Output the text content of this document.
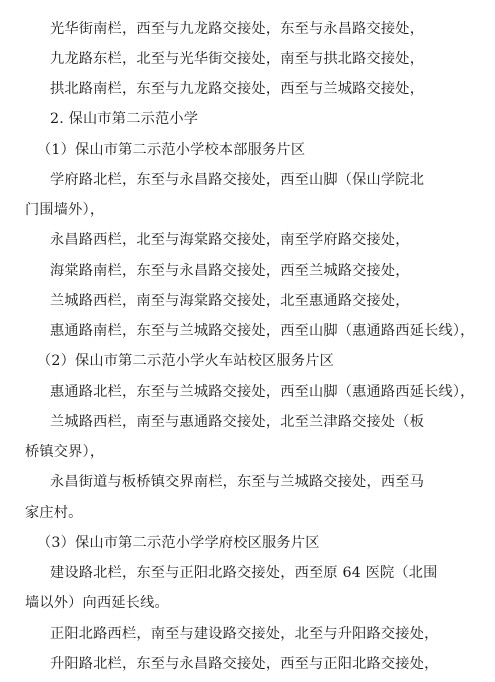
光华街南栏，西至与九龙路交接处，东至与永昌路交接处，
九龙路东栏，北至与光华街交接处，南至与拱北路交接处，
拱北路南栏，东至与九龙路交接处，西至与兰城路交接处，
2. 保山市第二示范小学
（1）保山市第二示范小学校本部服务片区
学府路北栏，东至与永昌路交接处，西至山脚（保山学院北
门围墙外），
永昌路西栏，北至与海棠路交接处，南至学府路交接处，
海棠路南栏，东至与永昌路交接处，西至兰城路交接处，
兰城路西栏，南至与海棠路交接处，北至惠通路交接处，
惠通路南栏，东至与兰城路交接处，西至山脚（惠通路西延长线），
（2）保山市第二示范小学火车站校区服务片区
惠通路北栏，东至与兰城路交接处，西至山脚（惠通路西延长线），
兰城路西栏，南至与惠通路交接处，北至兰津路交接处（板
桥镇交界），
永昌街道与板桥镇交界南栏，东至与兰城路交接处，西至马
家庄村。
（3）保山市第二示范小学学府校区服务片区
建设路北栏，东至与正阳北路交接处，西至原 64 医院（北围
墙以外）向西延长线。
正阳北路西栏，南至与建设路交接处，北至与升阳路交接处，
升阳路北栏，东至与永昌路交接处，西至与正阳北路交接处，
